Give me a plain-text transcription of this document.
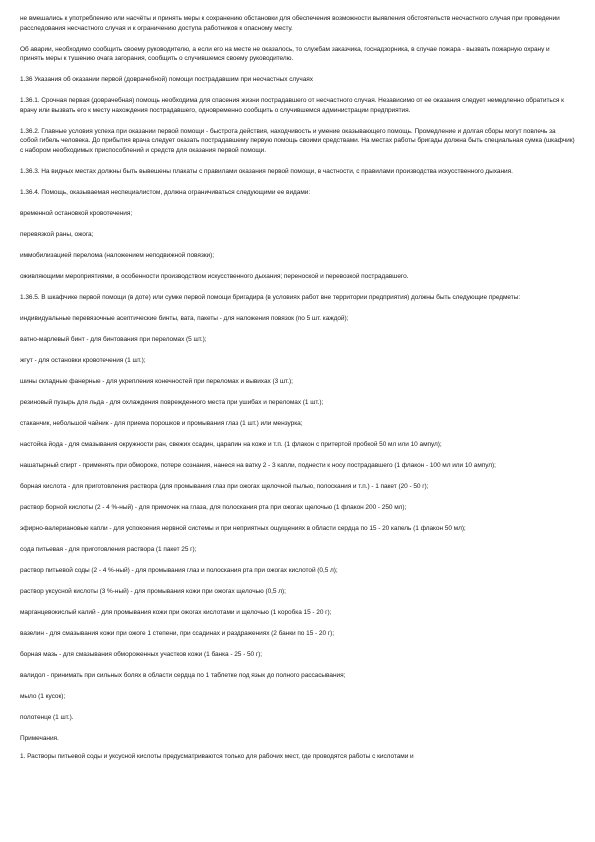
не вмешались к употреблению или насчёты и принять меры к сохранению обстановки для обеспечения возможности выявления обстоятельств несчастного случая при проведении расследования несчастного случая и к ограничению доступа работников к опасному месту.

Об аварии, необходимо сообщить своему руководителю, а если его на месте не оказалось, то службам заказчика, госнадзорника, в случае пожара - вызвать пожарную охрану и принять меры к тушению очага загорания, сообщить о случившемся своему руководителю.

1.36 Указания об оказании первой (доврачебной) помощи пострадавшим при несчастных случаях

1.36.1. Срочная первая (доврачебная) помощь необходима для спасения жизни пострадавшего от несчастного случая. Независимо от ее оказания следует немедленно обратиться к врачу или вызвать его к месту нахождения пострадавшего, одновременно сообщить о случившемся администрации предприятия.

1.36.2. Главные условия успеха при оказании первой помощи - быстрота действия, находчивость и умение оказывающего помощь. Промедление и долгая сборы могут повлечь за собой гибель человека. До прибытия врача следует оказать пострадавшему первую помощь своими средствами. На местах работы бригады должна быть специальная сумка (шкафчик) с набором необходимых приспособлений и средств для оказания первой помощи.

1.36.3. На видных местах должны быть вывешены плакаты с правилами оказания первой помощи, в частности, с правилами производства искусственного дыхания.

1.36.4. Помощь, оказываемая неспециалистом, должна ограничиваться следующими ее видами:

временной остановкой кровотечения;

перевязкой раны, ожога;

иммобилизацией перелома (наложением неподвижной повязки);

оживляющими мероприятиями, в особенности производством искусственного дыхания; переноской и перевозкой пострадавшего.

1.36.5. В шкафчике первой помощи (в доте) или сумке первой помощи бригадира (в условиях работ вне территории предприятия) должны быть следующие предметы:

индивидуальные перевязочные асептические бинты, вата, пакеты - для наложения повязок (по 5 шт. каждой);

ватно-марлевый бинт - для бинтования при переломах (5 шт.);

жгут - для остановки кровотечения (1 шт.);

шины складные фанерные - для укрепления конечностей при переломах и вывихах (3 шт.);

резиновый пузырь для льда - для охлаждения поврежденного места при ушибах и переломах (1 шт.);

стаканчик, небольшой чайник - для приема порошков и промывания глаз (1 шт.) или мензурка;

настойка йода - для смазывания окружности ран, свежих ссадин, царапин на коже и т.п. (1 флакон с притертой пробкой 50 мл или 10 ампул);

нашатырный спирт - применять при обмороке, потере сознания, нанеся на ватку 2 - 3 капли, поднести к носу пострадавшего (1 флакон - 100 мл или 10 ампул);

борная кислота - для приготовления раствора (для промывания глаз при ожогах щелочной пылью, полоскания и т.п.) - 1 пакет (20 - 50 г);

раствор борной кислоты (2 - 4 %-ный) - для примочек на глаза, для полоскания рта при ожогах щелочью (1 флакон 200 - 250 мл);

эфирно-валериановые капли - для успокоения нервной системы и при неприятных ощущениях в области сердца по 15 - 20 капель (1 флакон 50 мл);

сода питьевая - для приготовления раствора (1 пакет 25 г);

раствор питьевой соды (2 - 4 %-ный) - для промывания глаз и полоскания рта при ожогах кислотой (0,5 л);

раствор уксусной кислоты (3 %-ный) - для промывания кожи при ожогах щелочью (0,5 л);

марганцевокислый калий - для промывания кожи при ожогах кислотами и щелочью (1 коробка 15 - 20 г);

вазелин - для смазывания кожи при ожоге 1 степени, при ссадинах и раздражениях (2 банки по 15 - 20 г);

борная мазь - для смазывания обмороженных участков кожи (1 банка - 25 - 50 г);

валидол - принимать при сильных болях в области сердца по 1 таблетке под язык до полного рассасывания;

мыло (1 кусок);

полотенце (1 шт.).

Примечания.

1. Растворы питьевой соды и уксусной кислоты предусматриваются только для рабочих мест, где проводятся работы с кислотами и
